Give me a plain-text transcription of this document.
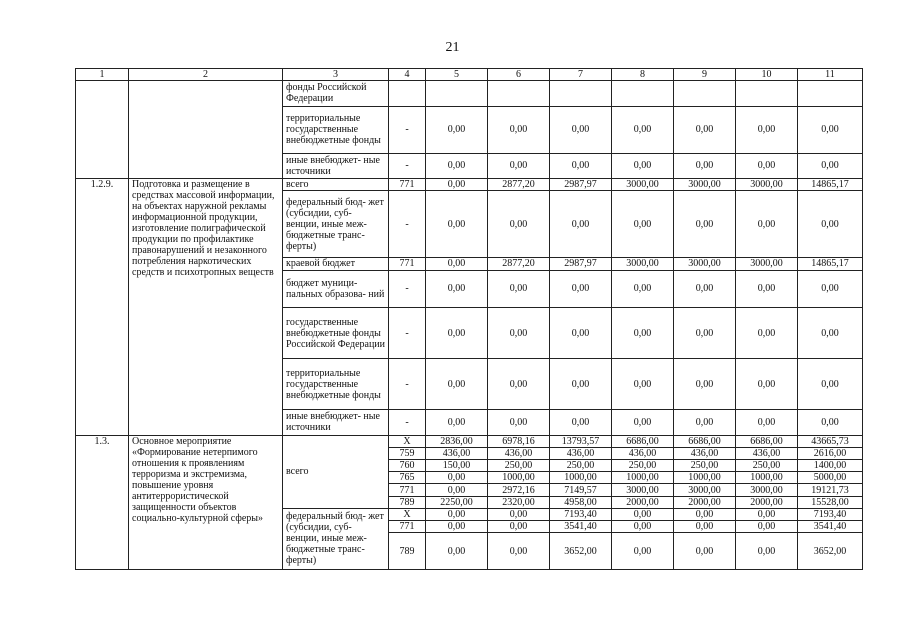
21
1	2	3	4	5	6	7	8	9	10	11
		фонды Российской Федерации								
		территориальные государственные внебюджетные фонды	-	0,00	0,00	0,00	0,00	0,00	0,00	0,00
		иные внебюджет- ные источники	-	0,00	0,00	0,00	0,00	0,00	0,00	0,00
1.2.9.	Подготовка и размещение в средствах массовой информации, на объектах наружной рекламы информационной продукции, изготовление полиграфической продукции по профилактике правонарушений и незаконного потребления наркотических средств и психотропных веществ	всего	771	0,00	2877,20	2987,97	3000,00	3000,00	3000,00	14865,17
		федеральный бюд- жет (субсидии, суб- венции, иные меж- бюджетные транс- ферты)	-	0,00	0,00	0,00	0,00	0,00	0,00	0,00
		краевой бюджет	771	0,00	2877,20	2987,97	3000,00	3000,00	3000,00	14865,17
		бюджет муници- пальных образова- ний	-	0,00	0,00	0,00	0,00	0,00	0,00	0,00
		государственные внебюджетные фонды Российской Федерации	-	0,00	0,00	0,00	0,00	0,00	0,00	0,00
		территориальные государственные внебюджетные фонды	-	0,00	0,00	0,00	0,00	0,00	0,00	0,00
		иные внебюджет- ные источники	-	0,00	0,00	0,00	0,00	0,00	0,00	0,00
1.3.	Основное мероприятие «Формирование нетерпимого отношения к проявлениям терроризма и экстремизма, повышение уровня антитеррористической защищенности объектов социально-культурной сферы»	всего	X	2836,00	6978,16	13793,57	6686,00	6686,00	6686,00	43665,73
			759	436,00	436,00	436,00	436,00	436,00	436,00	2616,00
			760	150,00	250,00	250,00	250,00	250,00	250,00	1400,00
			765	0,00	1000,00	1000,00	1000,00	1000,00	1000,00	5000,00
			771	0,00	2972,16	7149,57	3000,00	3000,00	3000,00	19121,73
			789	2250,00	2320,00	4958,00	2000,00	2000,00	2000,00	15528,00
		федеральный бюд- жет (субсидии, суб- венции, иные меж- бюджетные транс- ферты)	X	0,00	0,00	7193,40	0,00	0,00	0,00	7193,40
			771	0,00	0,00	3541,40	0,00	0,00	0,00	3541,40
			789	0,00	0,00	3652,00	0,00	0,00	0,00	3652,00
